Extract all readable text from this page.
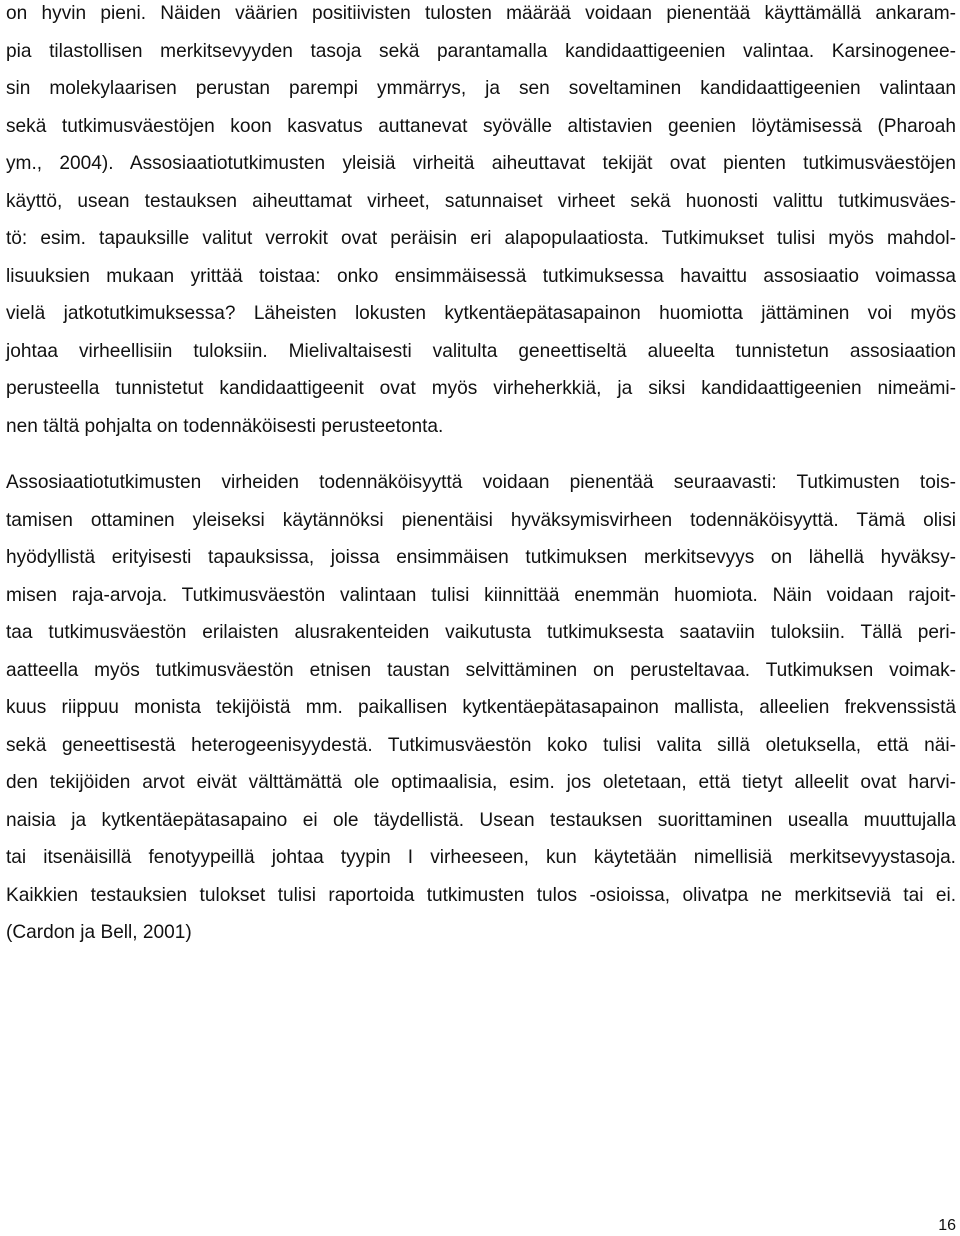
on hyvin pieni. Näiden väärien positiivisten tulosten määrää voidaan pienentää käyttämällä ankaram-
pia tilastollisen merkitsevyyden tasoja sekä parantamalla kandidaattigeenien valintaa. Karsinogenee-
sin molekylaarisen perustan parempi ymmärrys, ja sen soveltaminen kandidaattigeenien valintaan
sekä tutkimusväestöjen koon kasvatus auttanevat syövälle altistavien geenien löytämisessä (Pharoah
ym., 2004). Assosiaatiotutkimusten yleisiä virheitä aiheuttavat tekijät ovat pienten tutkimusväestöjen
käyttö, usean testauksen aiheuttamat virheet, satunnaiset virheet sekä huonosti valittu tutkimusväes-
tö: esim. tapauksille valitut verrokit ovat peräisin eri alapopulaatiosta. Tutkimukset tulisi myös mahdol-
lisuuksien mukaan yrittää toistaa: onko ensimmäisessä tutkimuksessa havaittu assosiaatio voimassa
vielä jatkotutkimuksessa? Läheisten lokusten kytkentäepätasapainon huomiotta jättäminen voi myös
johtaa virheellisiin tuloksiin. Mielivaltaisesti valitulta geneettiseltä alueelta tunnistetun assosiaation
perusteella tunnistetut kandidaattigeenit ovat myös virheherkkiä, ja siksi kandidaattigeenien nimeämi-
nen tältä pohjalta on todennäköisesti perusteetonta.
Assosiaatiotutkimusten virheiden todennäköisyyttä voidaan pienentää seuraavasti: Tutkimusten tois-
tamisen ottaminen yleiseksi käytännöksi pienentäisi hyväksymisvirheen todennäköisyyttä. Tämä olisi
hyödyllistä erityisesti tapauksissa, joissa ensimmäisen tutkimuksen merkitsevyys on lähellä hyväksy-
misen raja-arvoja. Tutkimusväestön valintaan tulisi kiinnittää enemmän huomiota. Näin voidaan rajoit-
taa tutkimusväestön erilaisten alusrakenteiden vaikutusta tutkimuksesta saataviin tuloksiin. Tällä peri-
aatteella myös tutkimusväestön etnisen taustan selvittäminen on perusteltavaa. Tutkimuksen voimak-
kuus riippuu monista tekijöistä mm. paikallisen kytkentäepätasapainon mallista, alleelien frekvenssistä
sekä geneettisestä heterogeenisyydestä. Tutkimusväestön koko tulisi valita sillä oletuksella, että näi-
den tekijöiden arvot eivät välttämättä ole optimaalisia, esim. jos oletetaan, että tietyt alleelit ovat harvi-
naisia ja kytkentäepätasapaino ei ole täydellistä. Usean testauksen suorittaminen usealla muuttujalla
tai itsenäisillä fenotyypeillä johtaa tyypin I virheeseen, kun käytetään nimellisiä merkitsevyystasoja.
Kaikkien testauksien tulokset tulisi raportoida tutkimusten tulos -osioissa, olivatpa ne merkitseviä tai ei.
(Cardon ja Bell, 2001)
16
